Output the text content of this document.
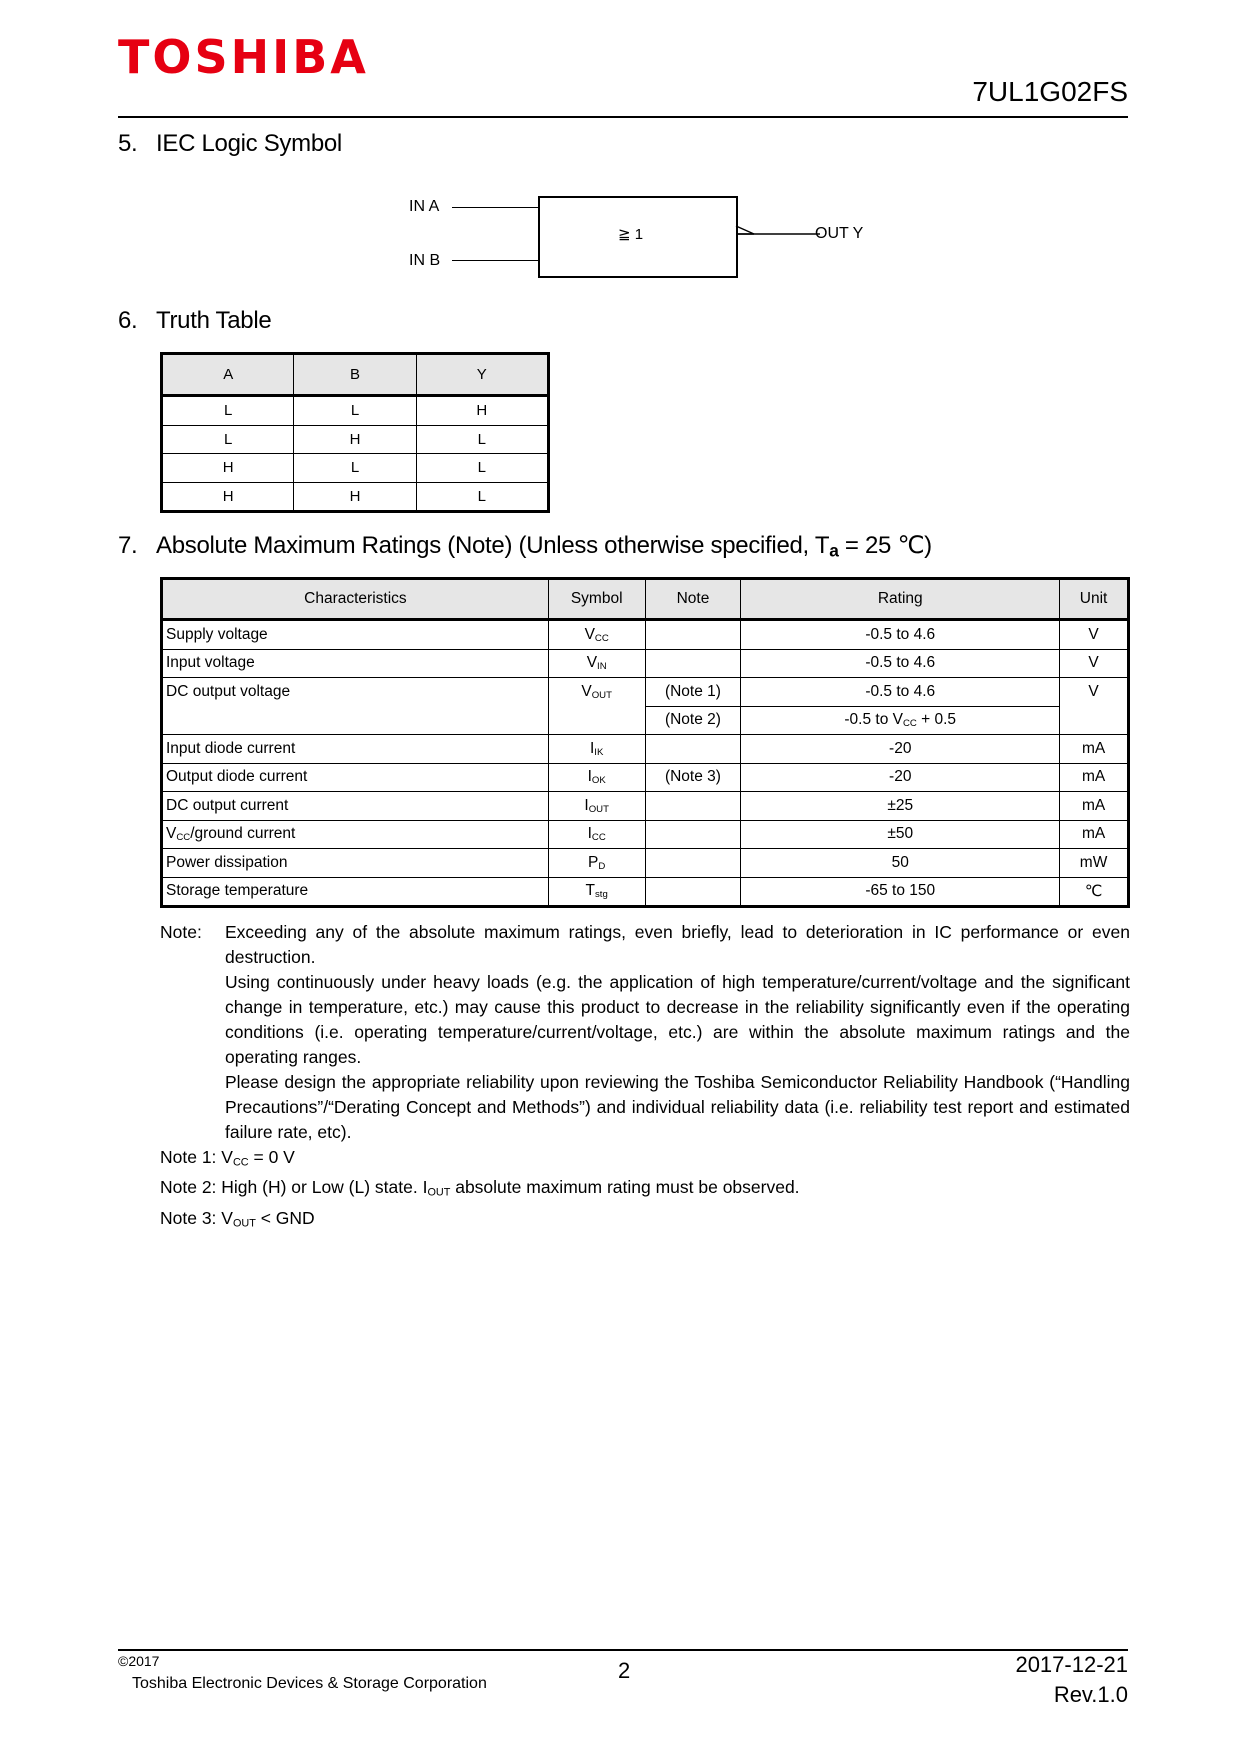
TOSHIBA
7UL1G02FS
5. IEC Logic Symbol
IN A
IN B
≧ 1	OUT Y
6. Truth Table
A	B	Y
L	L	H
L	H	L
H	L	L
H	H	L
7. Absolute Maximum Ratings (Note) (Unless otherwise specified, Ta = 25 ℃)
Characteristics	Symbol	Note	Rating	Unit
Supply voltage	$V_{CC}$		-0.5 to 4.6	V
Input voltage	$V_{IN}$		-0.5 to 4.6	V
DC output voltage	$V_{OUT}$	(Note 1)	-0.5 to 4.6	V
		(Note 2)	-0.5 to $V_{CC} + 0.5$	
Input diode current	$I_{IK}$		-20	mA
Output diode current	$I_{OK}$	(Note 3)	-20	mA
DC output current	$I_{OUT}$		±25	mA
$V_{CC}$/ground current	$I_{CC}$		±50	mA
Power dissipation	$P_D$		50	mW
Storage temperature	$T_{stg}$		-65 to 150	℃
Note:	Exceeding any of the absolute maximum ratings, even briefly, lead to deterioration in IC performance or even destruction.

Using continuously under heavy loads (e.g. the application of high temperature/current/voltage and the significant change in temperature, etc.) may cause this product to decrease in the reliability significantly even if the operating conditions (i.e. operating temperature/current/voltage, etc.) are within the absolute maximum ratings and the operating ranges.

Please design the appropriate reliability upon reviewing the Toshiba Semiconductor Reliability Handbook (“Handling Precautions”/“Derating Concept and Methods”) and individual reliability data (i.e. reliability test report and estimated failure rate, etc).

Note 1: $V_{CC} = 0$ V

Note 2: High (H) or Low (L) state. $I_{OUT}$ absolute maximum rating must be observed.

Note 3: $V_{OUT}$ < GND

©2017
Toshiba Electronic Devices & Storage Corporation
2	2017-12-21
Rev.1.0
